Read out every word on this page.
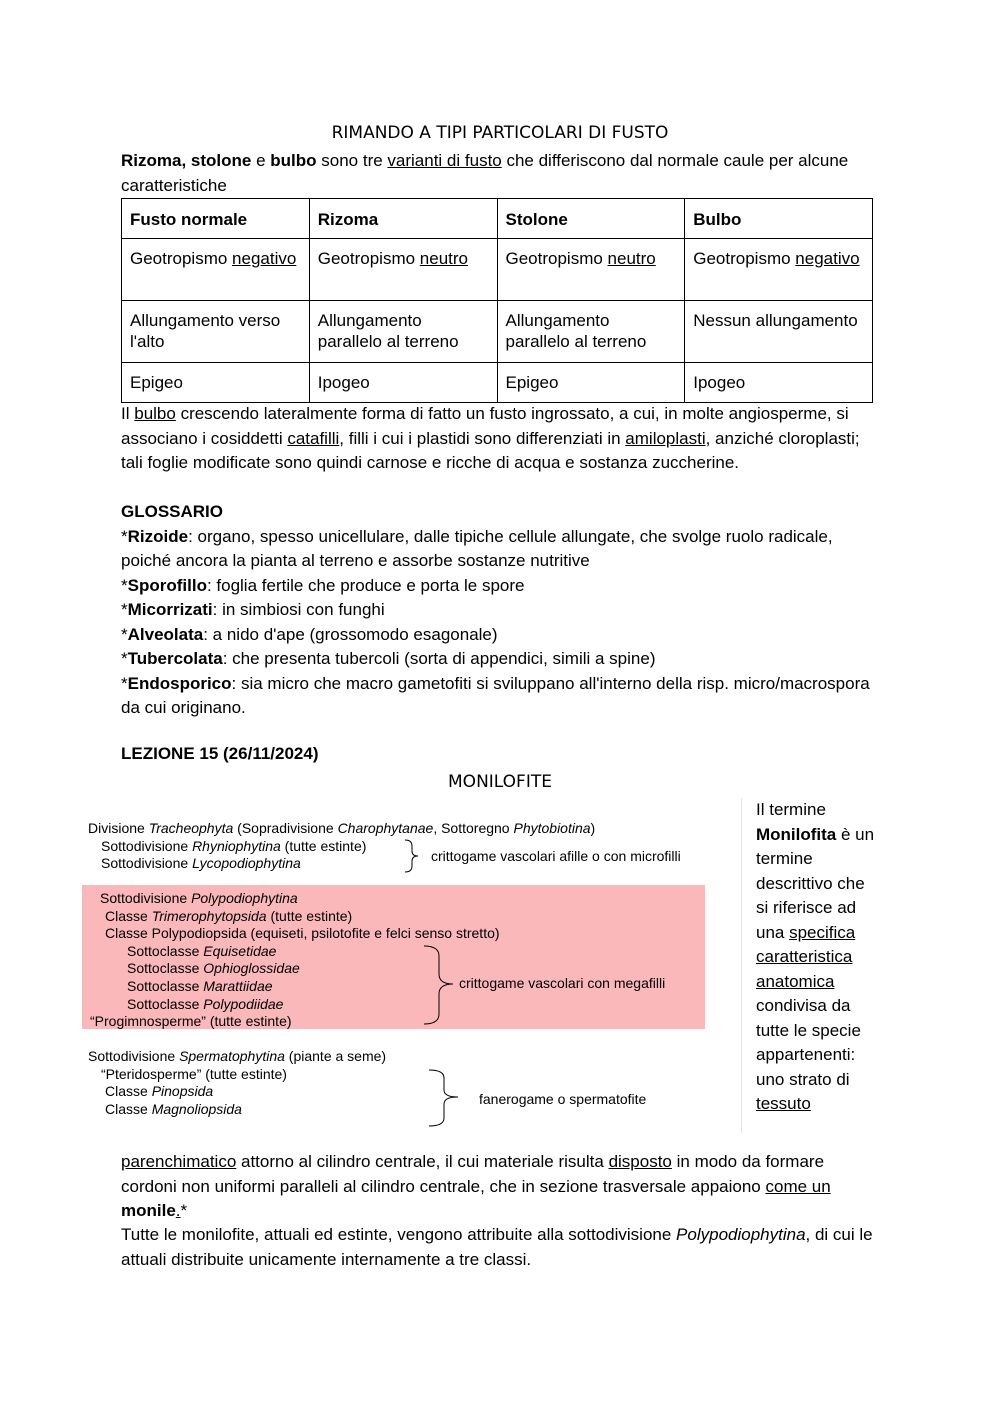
RIMANDO A TIPI PARTICOLARI DI FUSTO
Rizoma, stolone e bulbo sono tre varianti di fusto che differiscono dal normale caule per alcune caratteristiche
Fusto normale	Rizoma	Stolone	Bulbo
Geotropismo negativo	Geotropismo neutro	Geotropismo neutro	Geotropismo negativo
Allungamento verso l'alto	Allungamento parallelo al terreno	Allungamento parallelo al terreno	Nessun allungamento
Epigeo	Ipogeo	Epigeo	Ipogeo
Il bulbo crescendo lateralmente forma di fatto un fusto ingrossato, a cui, in molte angiosperme, si associano i cosiddetti catafilli, filli i cui i plastidi sono differenziati in amiloplasti, anziché cloroplasti; tali foglie modificate sono quindi carnose e ricche di acqua e sostanza zuccherine.
GLOSSARIO
*Rizoide: organo, spesso unicellulare, dalle tipiche cellule allungate, che svolge ruolo radicale, poiché ancora la pianta al terreno e assorbe sostanze nutritive
*Sporofillo: foglia fertile che produce e porta le spore
*Micorrizati: in simbiosi con funghi
*Alveolata: a nido d'ape (grossomodo esagonale)
*Tubercolata: che presenta tubercoli (sorta di appendici, simili a spine)
*Endosporico: sia micro che macro gametofiti si sviluppano all'interno della risp. micro/macrospora da cui originano.
LEZIONE 15 (26/11/2024)
MONILOFITE
Divisione Tracheophyta (Sopradivisione Charophytanae, Sottoregno Phytobiotina)
Sottodivisione Rhyniophytina (tutte estinte)
Sottodivisione Lycopodiophytina	crittogame vascolari afille o con microfilli
Sottodivisione Polypodiophytina
Classe Trimerophytopsida (tutte estinte)
Classe Polypodiopsida (equiseti, psilotofite e felci senso stretto)
Sottoclasse Equisetidae
Sottoclasse Ophioglossidae
Sottoclasse Marattiidae
Sottoclasse Polypodiidae
“Progimnosperme” (tutte estinte)
crittogame vascolari con megafilli
Sottodivisione Spermatophytina (piante a seme)
“Pteridosperme” (tutte estinte)
Classe Pinopsida
Classe Magnoliopsida
fanerogame o spermatofite
Il termine Monilofita è un termine descrittivo che si riferisce ad una specifica caratteristica anatomica condivisa da tutte le specie appartenenti: uno strato di tessuto
parenchimatico attorno al cilindro centrale, il cui materiale risulta disposto in modo da formare cordoni non uniformi paralleli al cilindro centrale, che in sezione trasversale appaiono come un monile.*
Tutte le monilofite, attuali ed estinte, vengono attribuite alla sottodivisione Polypodiophytina, di cui le attuali distribuite unicamente internamente a tre classi.
